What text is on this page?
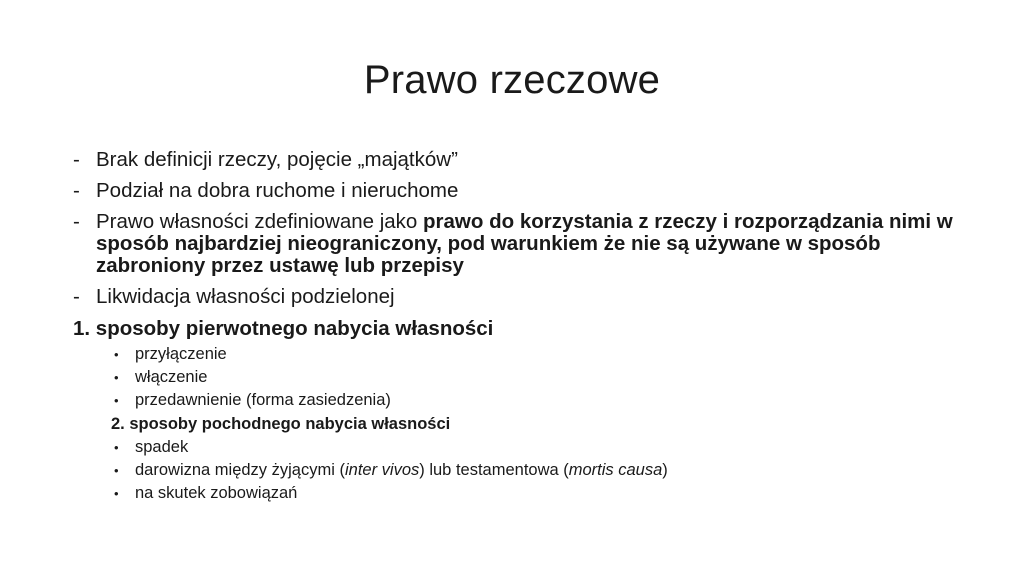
Prawo rzeczowe
- Brak definicji rzeczy, pojęcie „majątków”
- Podział na dobra ruchome i nieruchome
- Prawo własności zdefiniowane jako prawo do korzystania z rzeczy i rozporządzania nimi w sposób najbardziej nieograniczony, pod warunkiem że nie są używane w sposób zabroniony przez ustawę lub przepisy
- Likwidacja własności podzielonej
1. sposoby pierwotnego nabycia własności
• przyłączenie
• włączenie
• przedawnienie (forma zasiedzenia)
2. sposoby pochodnego nabycia własności
• spadek
• darowizna między żyjącymi (inter vivos) lub testamentowa (mortis causa)
• na skutek zobowiązań
